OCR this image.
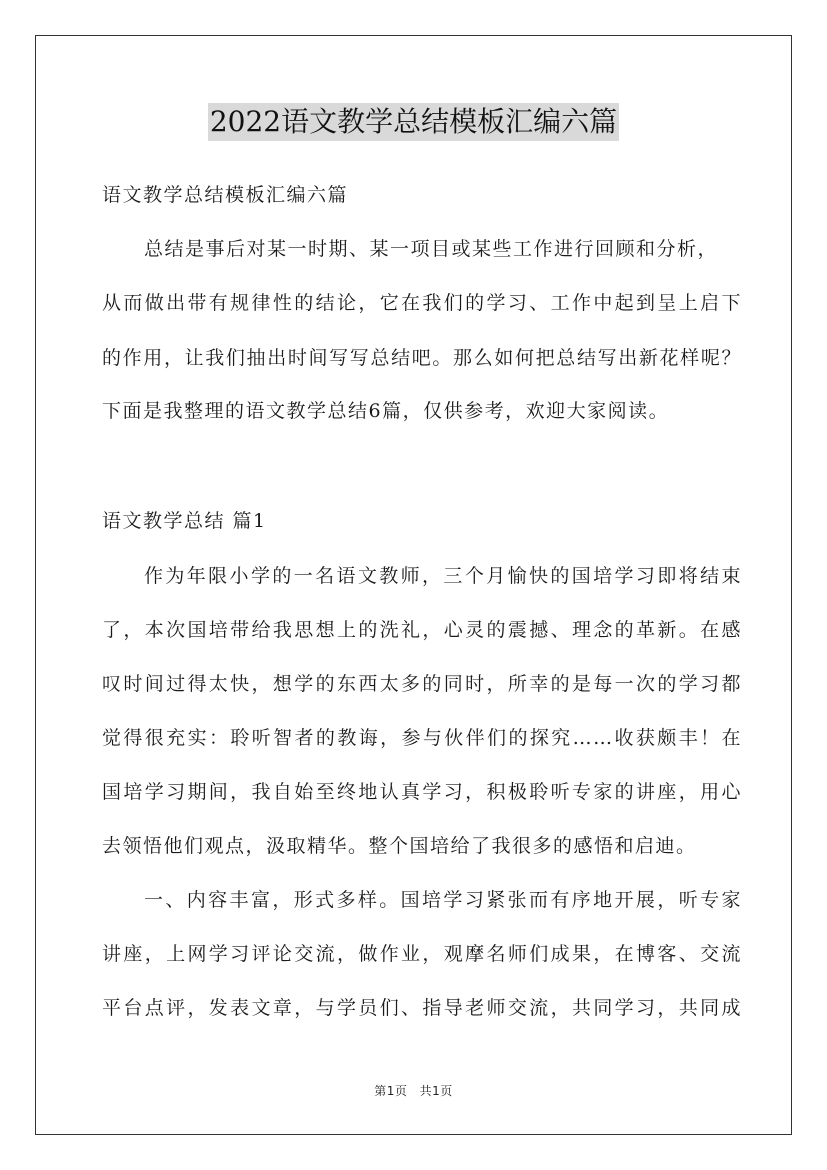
2022语文教学总结模板汇编六篇
语文教学总结模板汇编六篇
总结是事后对某一时期、某一项目或某些工作进行回顾和分析，
从而做出带有规律性的结论，它在我们的学习、工作中起到呈上启下
的作用，让我们抽出时间写写总结吧。那么如何把总结写出新花样呢？
下面是我整理的语文教学总结6篇，仅供参考，欢迎大家阅读。
语文教学总结 篇1
作为年限小学的一名语文教师，三个月愉快的国培学习即将结束
了，本次国培带给我思想上的洗礼，心灵的震撼、理念的革新。在感
叹时间过得太快，想学的东西太多的同时，所幸的是每一次的学习都
觉得很充实：聆听智者的教诲，参与伙伴们的探究……收获颇丰！在
国培学习期间，我自始至终地认真学习，积极聆听专家的讲座，用心
去领悟他们观点，汲取精华。整个国培给了我很多的感悟和启迪。
一、内容丰富，形式多样。国培学习紧张而有序地开展，听专家
讲座，上网学习评论交流，做作业，观摩名师们成果，在博客、交流
平台点评，发表文章，与学员们、指导老师交流，共同学习，共同成
第1页 共1页
